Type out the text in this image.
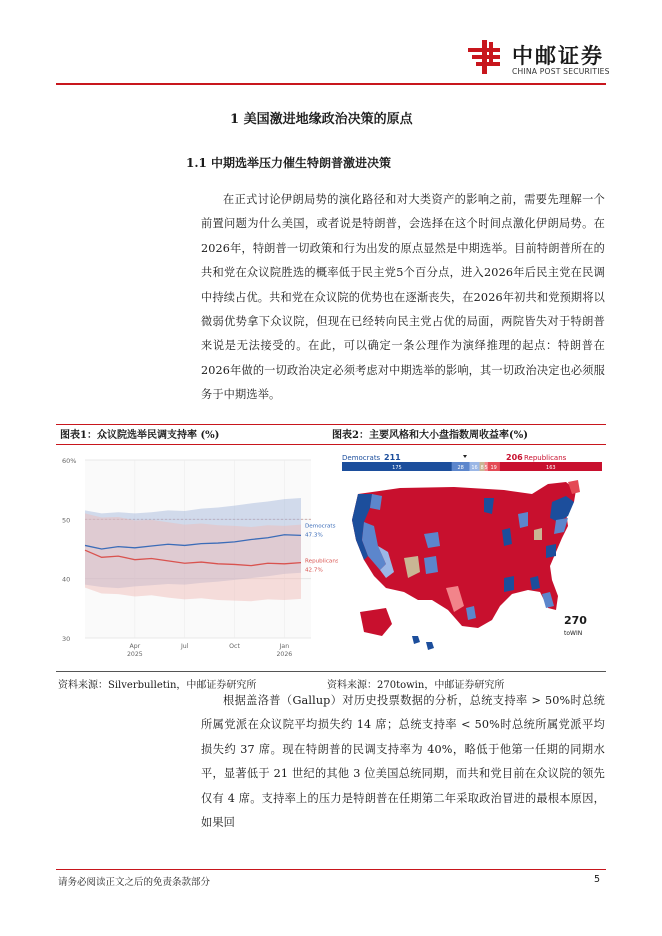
中邮证券
CHINA POST SECURITIES
1 美国激进地缘政治决策的原点
1.1 中期选举压力催生特朗普激进决策

在正式讨论伊朗局势的演化路径和对大类资产的影响之前，需要先理解一个前置问题为什么美国，或者说是特朗普，会选择在这个时间点激化伊朗局势。在2026年，特朗普一切政策和行为出发的原点显然是中期选举。目前特朗普所在的共和党在众议院胜选的概率低于民主党5个百分点，进入2026年后民主党在民调中持续占优。共和党在众议院的优势也在逐渐丧失，在2026年初共和党预期将以微弱优势拿下众议院，但现在已经转向民主党占优的局面，两院皆失对于特朗普来说是无法接受的。在此，可以确定一条公理作为演绎推理的起点：特朗普在2026年做的一切政治决定必须考虑对中期选举的影响，其一切政治决定也必须服务于中期选举。

图表1：众议院选举民调支持率 (%)	图表2：主要风格和大小盘指数周收益率(%)
30
40
50
60%
Apr
2025
Jul	Oct	Jan
2026
Democrats
47.3%
Republicans
42.7%
Democrats 211	206 Republicans
175	28 16 8 5 19	163
270
toWIN
资料来源：Silverbulletin，中邮证券研究所	资料来源：270towin，中邮证券研究所

根据盖洛普（Gallup）对历史投票数据的分析，总统支持率 > 50%时总统所属党派在众议院平均损失约 14 席；总统支持率 < 50%时总统所属党派平均损失约 37 席。现在特朗普的民调支持率为 40%，略低于他第一任期的同期水平，显著低于 21 世纪的其他 3 位美国总统同期，而共和党目前在众议院的领先仅有 4 席。支持率上的压力是特朗普在任期第二年采取政治冒进的最根本原因，如果回

请务必阅读正文之后的免责条款部分	5
